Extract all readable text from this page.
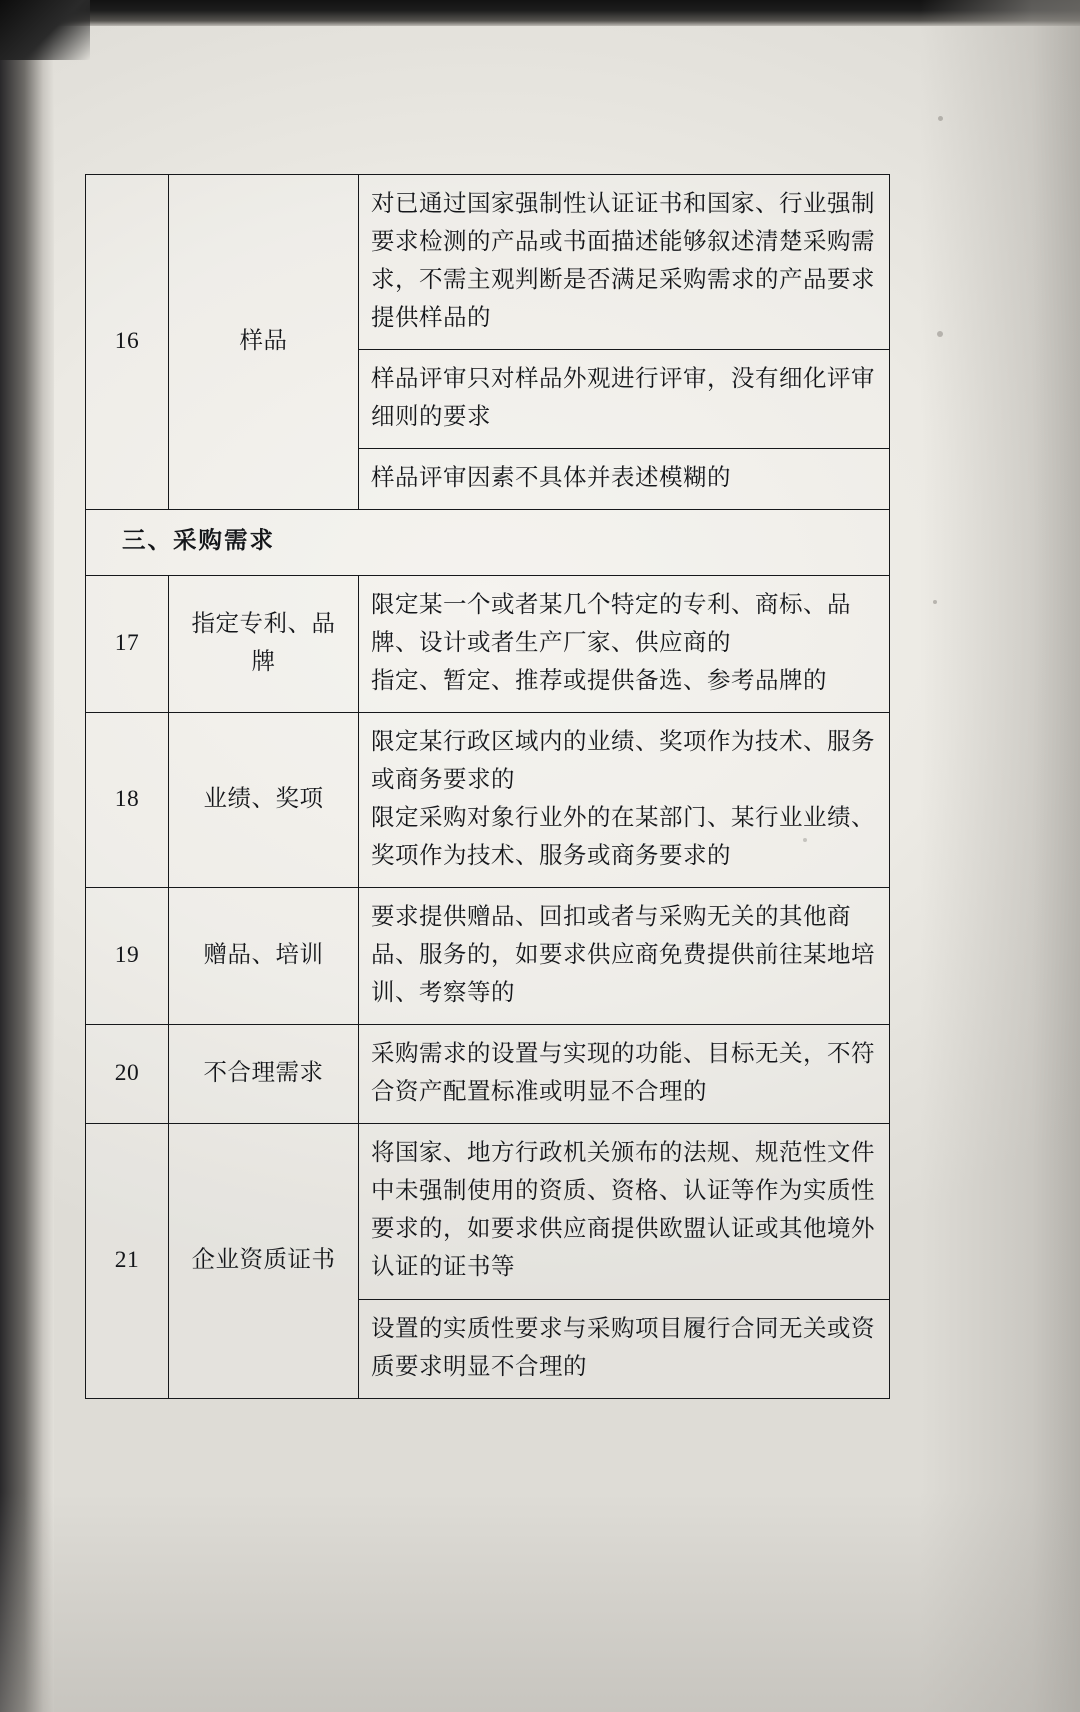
16	样品	对已通过国家强制性认证证书和国家、行业强制要求检测的产品或书面描述能够叙述清楚采购需求，不需主观判断是否满足采购需求的产品要求提供样品的
		样品评审只对样品外观进行评审，没有细化评审细则的要求
		样品评审因素不具体并表述模糊的
三、采购需求		
17	指定专利、品牌	限定某一个或者某几个特定的专利、商标、品牌、设计或者生产厂家、供应商的

指定、暂定、推荐或提供备选、参考品牌的

18	业绩、奖项	限定某行政区域内的业绩、奖项作为技术、服务或商务要求的

限定采购对象行业外的在某部门、某行业业绩、奖项作为技术、服务或商务要求的

19	赠品、培训	要求提供赠品、回扣或者与采购无关的其他商品、服务的，如要求供应商免费提供前往某地培训、考察等的
20	不合理需求	采购需求的设置与实现的功能、目标无关，不符合资产配置标准或明显不合理的
21	企业资质证书	将国家、地方行政机关颁布的法规、规范性文件中未强制使用的资质、资格、认证等作为实质性要求的，如要求供应商提供欧盟认证或其他境外认证的证书等
		设置的实质性要求与采购项目履行合同无关或资质要求明显不合理的
